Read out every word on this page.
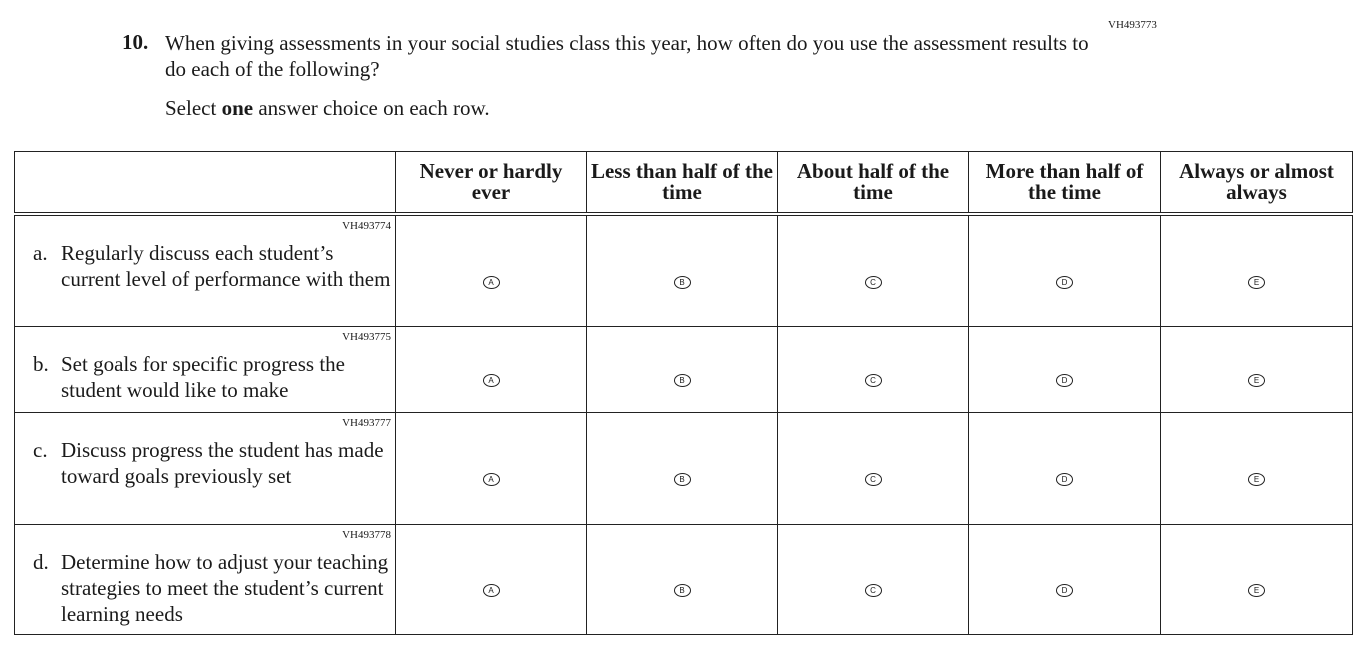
VH493773
10. When giving assessments in your social studies class this year, how often do you use the assessment results to do each of the following?
Select one answer choice on each row.

	Never or hardly ever	Less than half of the time	About half of the time	More than half of the time	Always or almost always

VH493774
a. Regularly discuss each student’s current level of performance with them	A	B	C	D	E

VH493775
b. Set goals for specific progress the student would like to make	A	B	C	D	E

VH493777
c. Discuss progress the student has made toward goals previously set	A	B	C	D	E

VH493778
d. Determine how to adjust your teaching strategies to meet the student’s current learning needs	A	B	C	D	E
